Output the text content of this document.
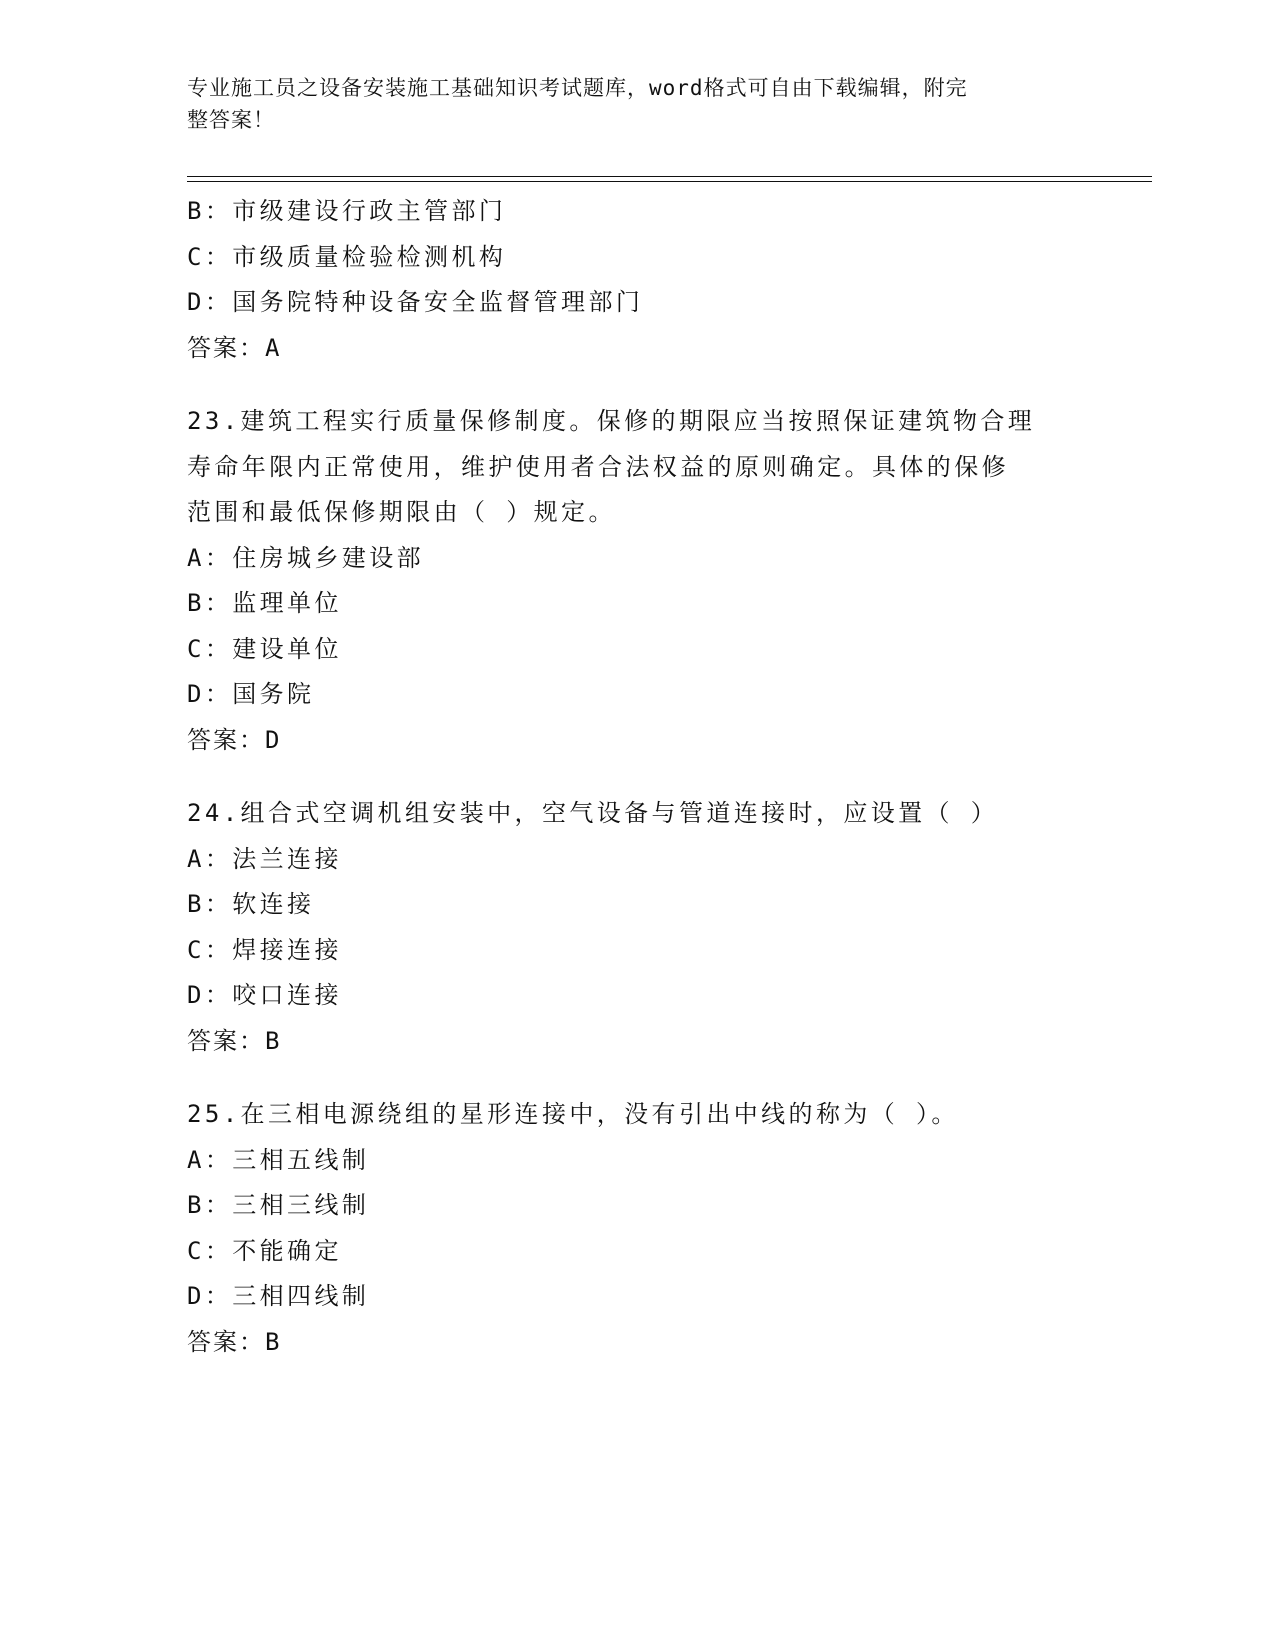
专业施工员之设备安装施工基础知识考试题库，word格式可自由下载编辑，附完
整答案！
B：市级建设行政主管部门
C：市级质量检验检测机构
D：国务院特种设备安全监督管理部门
答案：A
23.建筑工程实行质量保修制度。保修的期限应当按照保证建筑物合理
寿命年限内正常使用，维护使用者合法权益的原则确定。具体的保修
范围和最低保修期限由（ ）规定。
A：住房城乡建设部
B：监理单位
C：建设单位
D：国务院
答案：D
24.组合式空调机组安装中，空气设备与管道连接时，应设置（ ）
A：法兰连接
B：软连接
C：焊接连接
D：咬口连接
答案：B
25.在三相电源绕组的星形连接中，没有引出中线的称为（ ）。
A：三相五线制
B：三相三线制
C：不能确定
D：三相四线制
答案：B
